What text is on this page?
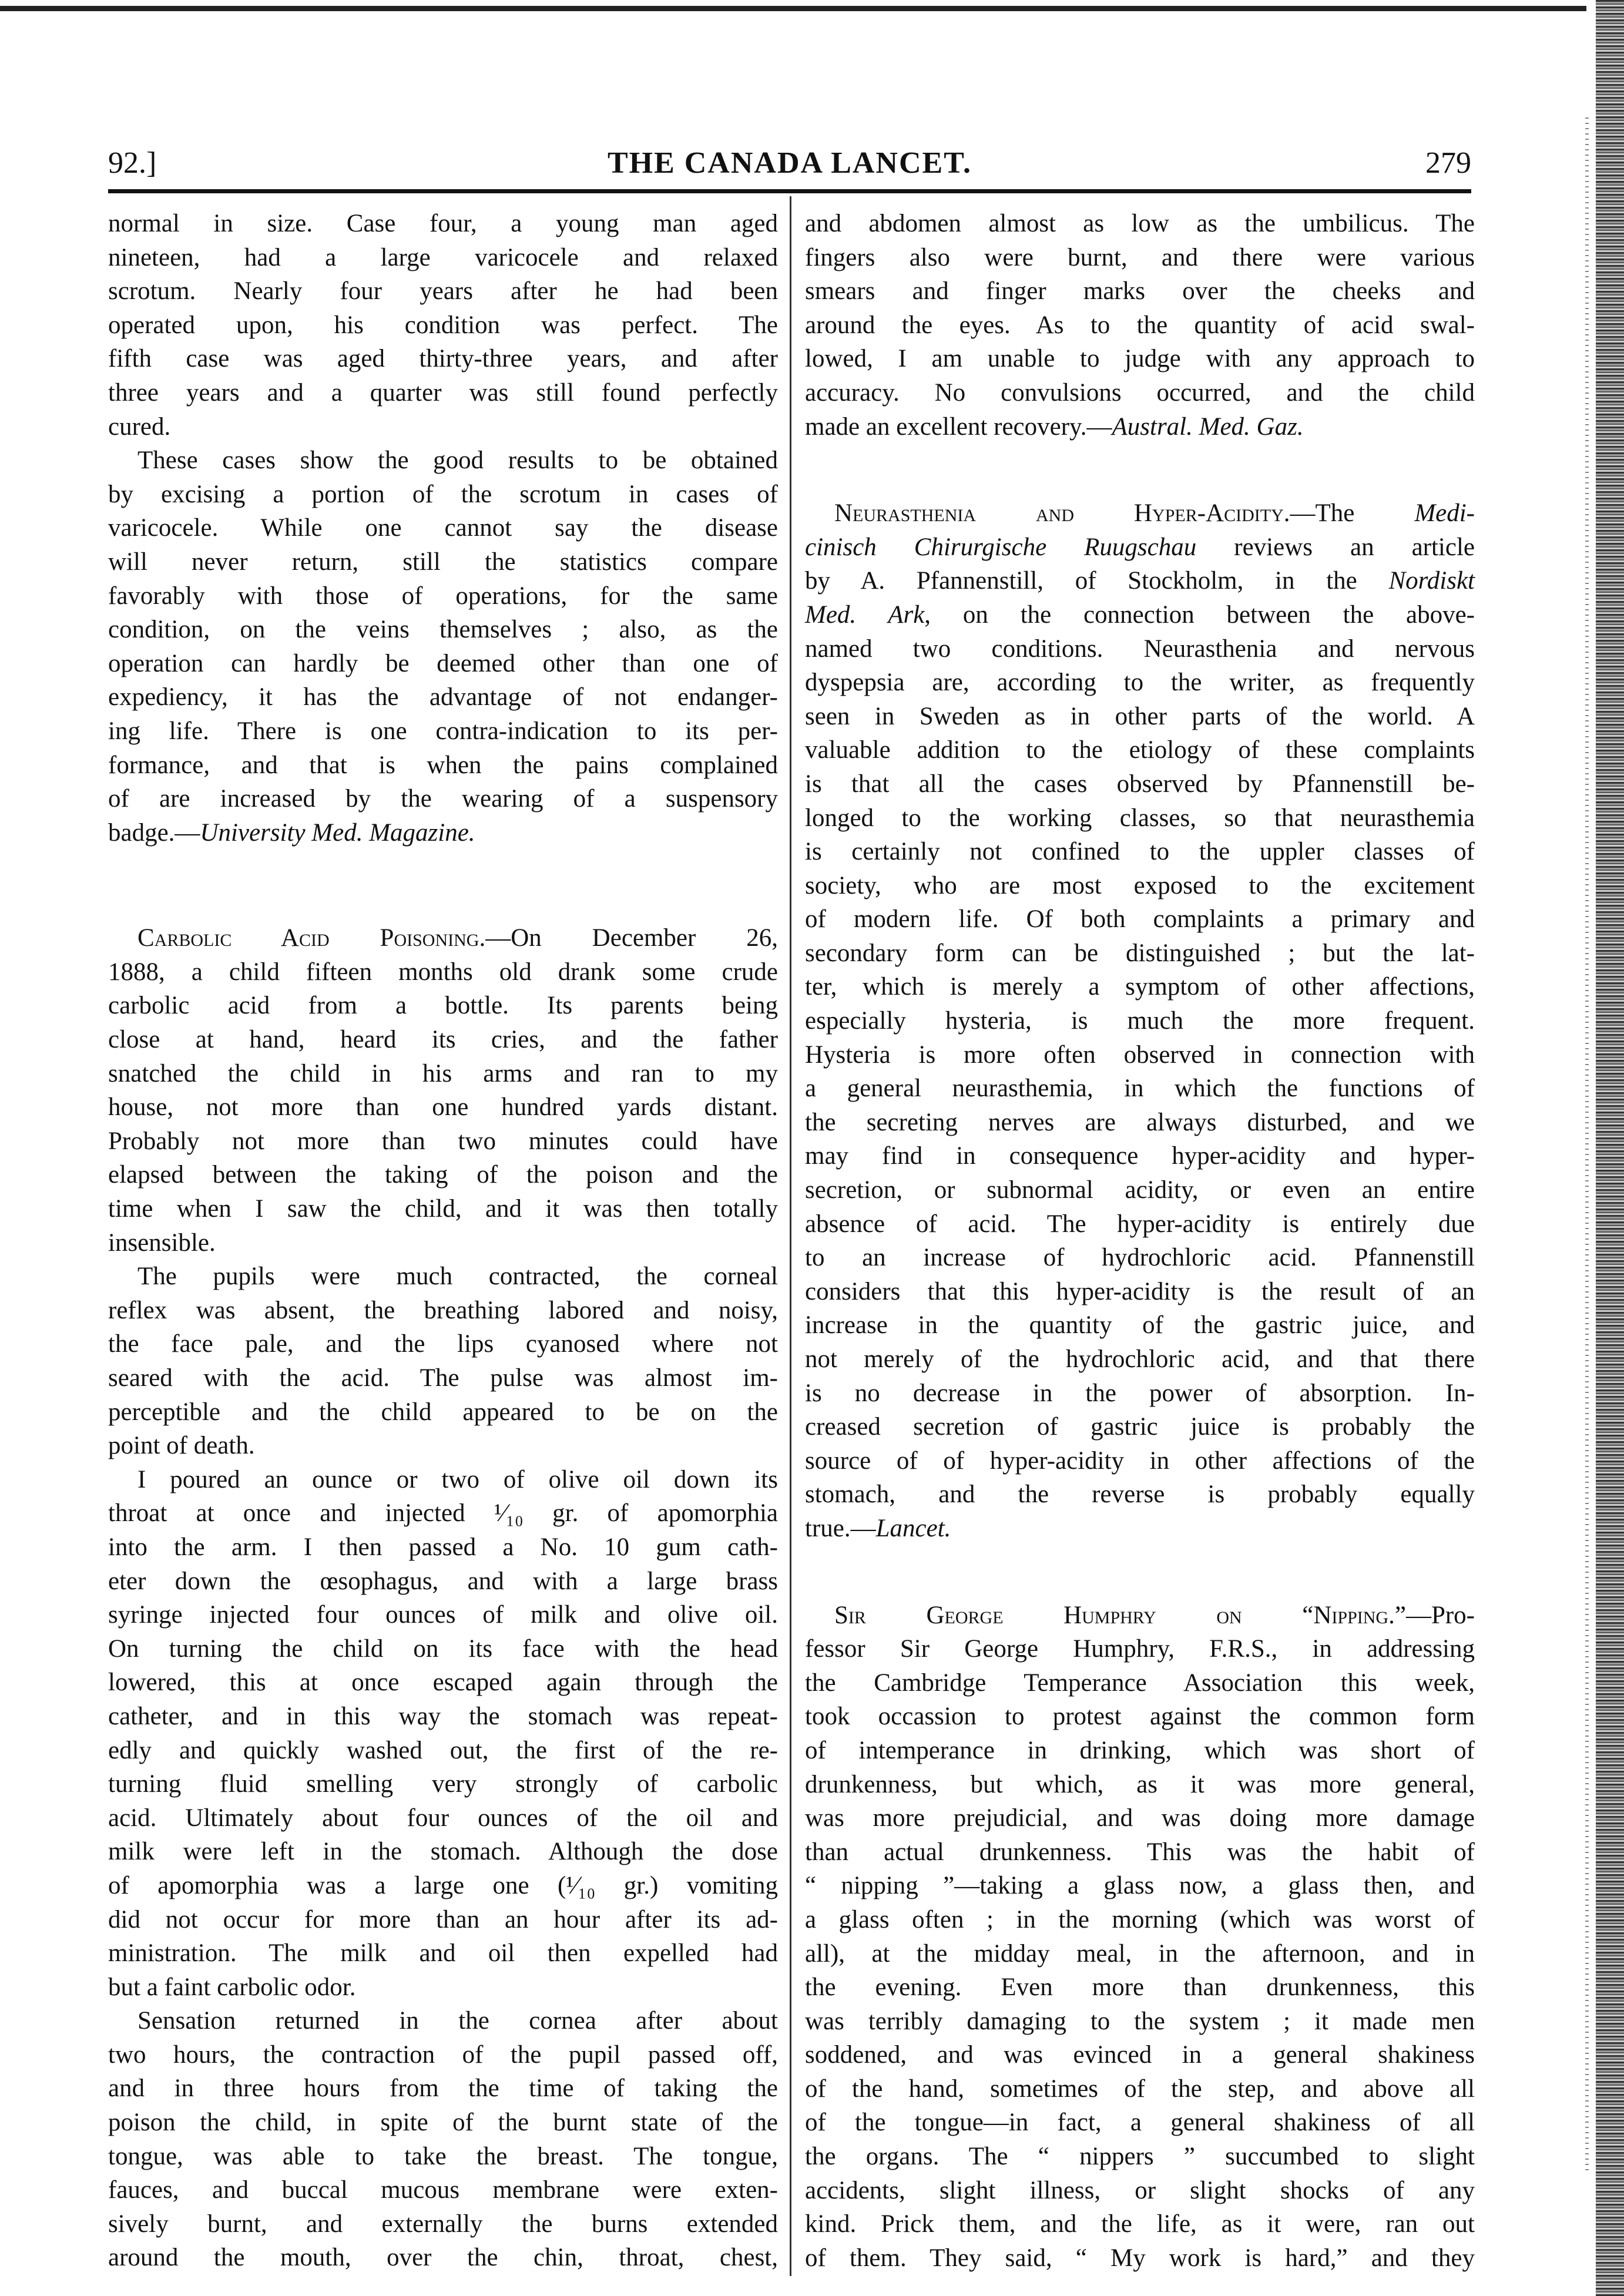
92.]	THE CANADA LANCET.	279
normal in size. Case four, a young man aged
nineteen, had a large varicocele and relaxed
scrotum. Nearly four years after he had been
operated upon, his condition was perfect. The
fifth case was aged thirty-three years, and after
three years and a quarter was still found perfectly
cured.
These cases show the good results to be obtained
by excising a portion of the scrotum in cases of
varicocele. While one cannot say the disease
will never return, still the statistics compare
favorably with those of operations, for the same
condition, on the veins themselves ; also, as the
operation can hardly be deemed other than one of
expediency, it has the advantage of not endanger-
ing life. There is one contra-indication to its per-
formance, and that is when the pains complained
of are increased by the wearing of a suspensory
badge.—University Med. Magazine.
Carbolic Acid Poisoning.—On December 26,
1888, a child fifteen months old drank some crude
carbolic acid from a bottle. Its parents being
close at hand, heard its cries, and the father
snatched the child in his arms and ran to my
house, not more than one hundred yards distant.
Probably not more than two minutes could have
elapsed between the taking of the poison and the
time when I saw the child, and it was then totally
insensible.
The pupils were much contracted, the corneal
reflex was absent, the breathing labored and noisy,
the face pale, and the lips cyanosed where not
seared with the acid. The pulse was almost im-
perceptible and the child appeared to be on the
point of death.
I poured an ounce or two of olive oil down its
throat at once and injected ¹⁄₁₀ gr. of apomorphia
into the arm. I then passed a No. 10 gum cath-
eter down the œsophagus, and with a large brass
syringe injected four ounces of milk and olive oil.
On turning the child on its face with the head
lowered, this at once escaped again through the
catheter, and in this way the stomach was repeat-
edly and quickly washed out, the first of the re-
turning fluid smelling very strongly of carbolic
acid. Ultimately about four ounces of the oil and
milk were left in the stomach. Although the dose
of apomorphia was a large one (¹⁄₁₀ gr.) vomiting
did not occur for more than an hour after its ad-
ministration. The milk and oil then expelled had
but a faint carbolic odor.
Sensation returned in the cornea after about
two hours, the contraction of the pupil passed off,
and in three hours from the time of taking the
poison the child, in spite of the burnt state of the
tongue, was able to take the breast. The tongue,
fauces, and buccal mucous membrane were exten-
sively burnt, and externally the burns extended
around the mouth, over the chin, throat, chest,
and abdomen almost as low as the umbilicus. The
fingers also were burnt, and there were various
smears and finger marks over the cheeks and
around the eyes. As to the quantity of acid swal-
lowed, I am unable to judge with any approach to
accuracy. No convulsions occurred, and the child
made an excellent recovery.—Austral. Med. Gaz.
Neurasthenia and Hyper-Acidity.—The Medi-
cinisch Chirurgische Ruugschau reviews an article
by A. Pfannenstill, of Stockholm, in the Nordiskt
Med. Ark, on the connection between the above-
named two conditions. Neurasthenia and nervous
dyspepsia are, according to the writer, as frequently
seen in Sweden as in other parts of the world. A
valuable addition to the etiology of these complaints
is that all the cases observed by Pfannenstill be-
longed to the working classes, so that neurasthemia
is certainly not confined to the uppler classes of
society, who are most exposed to the excitement
of modern life. Of both complaints a primary and
secondary form can be distinguished ; but the lat-
ter, which is merely a symptom of other affections,
especially hysteria, is much the more frequent.
Hysteria is more often observed in connection with
a general neurasthemia, in which the functions of
the secreting nerves are always disturbed, and we
may find in consequence hyper-acidity and hyper-
secretion, or subnormal acidity, or even an entire
absence of acid. The hyper-acidity is entirely due
to an increase of hydrochloric acid. Pfannenstill
considers that this hyper-acidity is the result of an
increase in the quantity of the gastric juice, and
not merely of the hydrochloric acid, and that there
is no decrease in the power of absorption. In-
creased secretion of gastric juice is probably the
source of of hyper-acidity in other affections of the
stomach, and the reverse is probably equally
true.—Lancet.
Sir George Humphry on “Nipping.”—Pro-
fessor Sir George Humphry, F.R.S., in addressing
the Cambridge Temperance Association this week,
took occassion to protest against the common form
of intemperance in drinking, which was short of
drunkenness, but which, as it was more general,
was more prejudicial, and was doing more damage
than actual drunkenness. This was the habit of
“ nipping ”—taking a glass now, a glass then, and
a glass often ; in the morning (which was worst of
all), at the midday meal, in the afternoon, and in
the evening. Even more than drunkenness, this
was terribly damaging to the system ; it made men
soddened, and was evinced in a general shakiness
of the hand, sometimes of the step, and above all
of the tongue—in fact, a general shakiness of all
the organs. The “ nippers ” succumbed to slight
accidents, slight illness, or slight shocks of any
kind. Prick them, and the life, as it were, ran out
of them. They said, “ My work is hard,” and they
